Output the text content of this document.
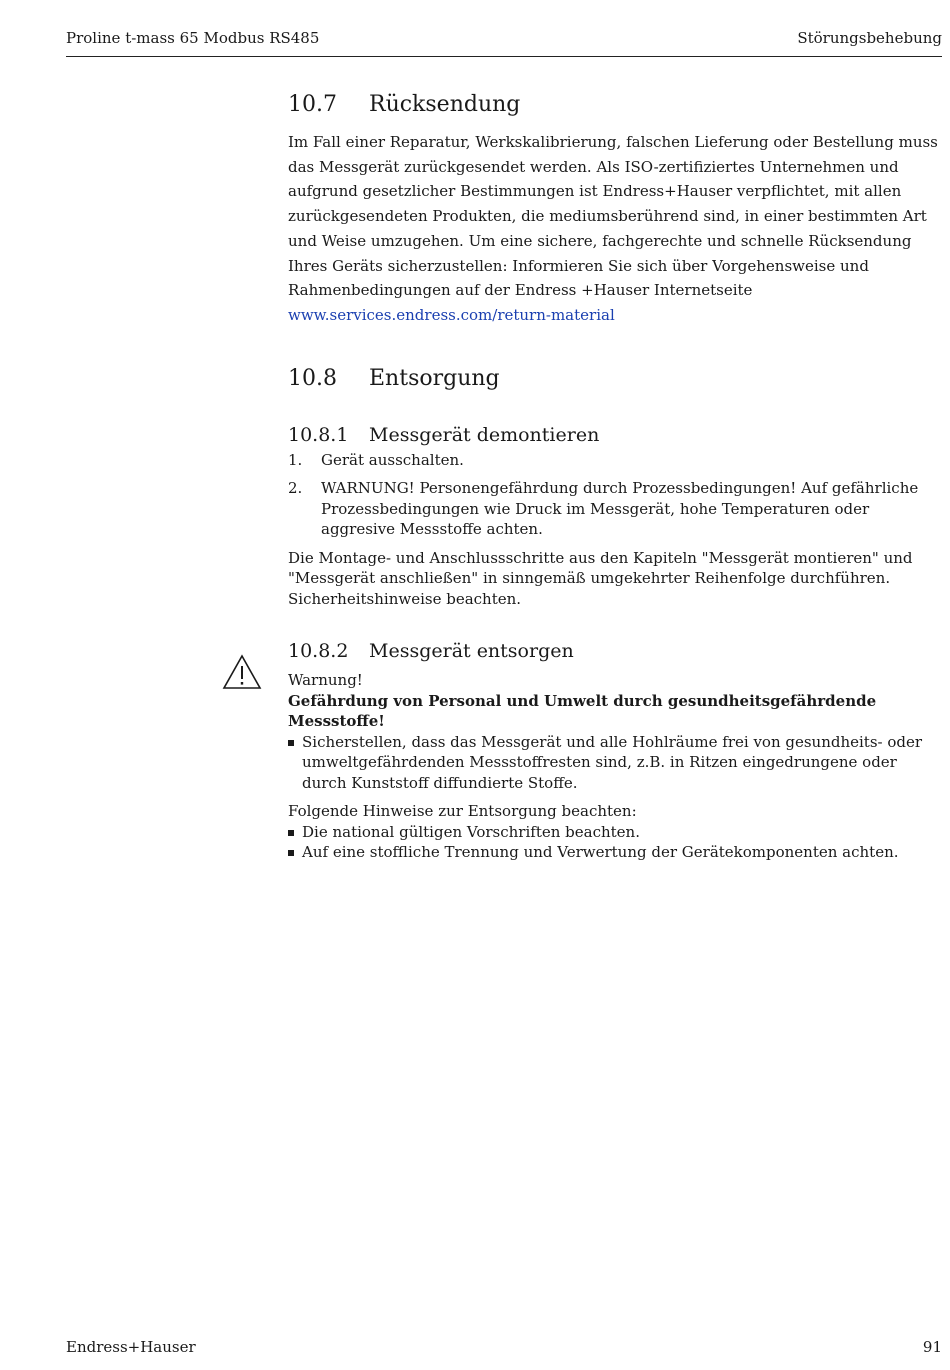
Proline t-mass 65 Modbus RS485	Störungsbehebung
10.7	Rücksendung

Im Fall einer Reparatur, Werkskalibrierung, falschen Lieferung oder Bestellung muss das Messgerät zurückgesendet werden. Als ISO-zertifiziertes Unternehmen und aufgrund gesetzlicher Bestimmungen ist Endress+Hauser verpflichtet, mit allen zurückgesendeten Produkten, die mediumsberührend sind, in einer bestimmten Art und Weise umzugehen. Um eine sichere, fachgerechte und schnelle Rücksendung Ihres Geräts sicherzustellen: Informieren Sie sich über Vorgehensweise und Rahmenbedingungen auf der Endress +Hauser Internetseite www.services.endress.com/return-material

10.8	Entsorgung
10.8.1	Messgerät demontieren
1.	Gerät ausschalten.
2.	WARNUNG! Personengefährdung durch Prozessbedingungen! Auf gefährliche Prozessbedingungen wie Druck im Messgerät, hohe Temperaturen oder aggresive Messstoffe achten.

Die Montage- und Anschlussschritte aus den Kapiteln "Messgerät montieren" und "Messgerät anschließen" in sinngemäß umgekehrter Reihenfolge durchführen. Sicherheitshinweise beachten.

10.8.2	Messgerät entsorgen

Warnung!

Gefährdung von Personal und Umwelt durch gesundheitsgefährdende Messstoffe!

Sicherstellen, dass das Messgerät und alle Hohlräume frei von gesundheits- oder umweltgefährdenden Messstoffresten sind, z.B. in Ritzen eingedrungene oder durch Kunststoff diffundierte Stoffe.

Folgende Hinweise zur Entsorgung beachten:

Die national gültigen Vorschriften beachten.
Auf eine stoffliche Trennung und Verwertung der Gerätekomponenten achten.
Endress+Hauser	91
